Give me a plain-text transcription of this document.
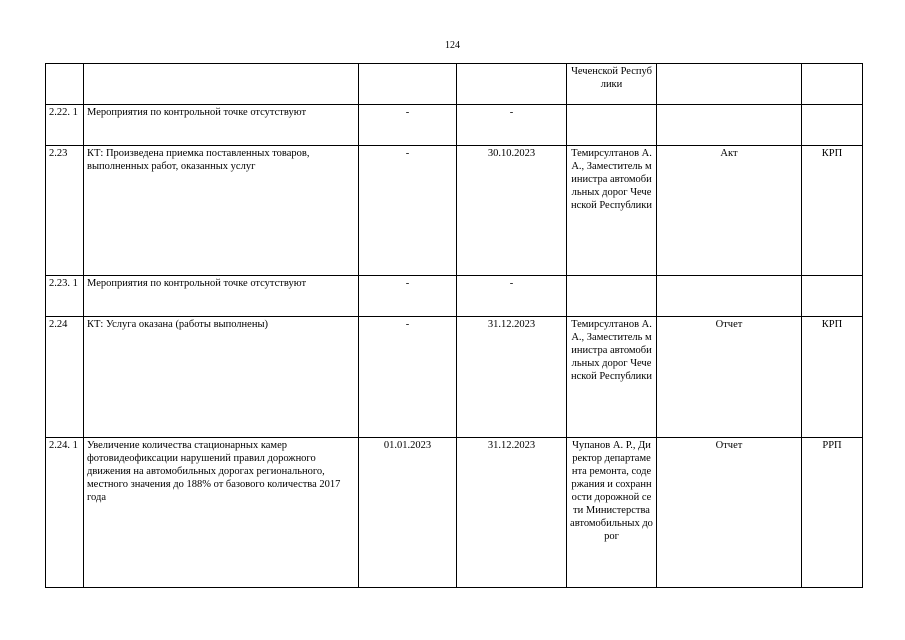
124
				Чеченской Республики		
2.22. 1	Мероприятия по контрольной точке отсутствуют	-	-			
2.23	КТ: Произведена приемка поставленных товаров, выполненных работ, оказанных услуг	-	30.10.2023	Темирсултанов А. А., Заместитель министра автомобильных дорог Чеченской Республики	Акт	КРП
2.23. 1	Мероприятия по контрольной точке отсутствуют	-	-			
2.24	КТ: Услуга оказана (работы выполнены)	-	31.12.2023	Темирсултанов А. А., Заместитель министра автомобильных дорог Чеченской Республики	Отчет	КРП
2.24. 1	Увеличение количества стационарных камер фотовидеофиксации нарушений правил дорожного движения на автомобильных дорогах регионального, местного значения до 188% от базового количества 2017 года	01.01.2023	31.12.2023	Чупанов А. Р., Директор департамента ремонта, содержания и сохранности дорожной сети Министерства автомобильных дорог	Отчет	РРП
